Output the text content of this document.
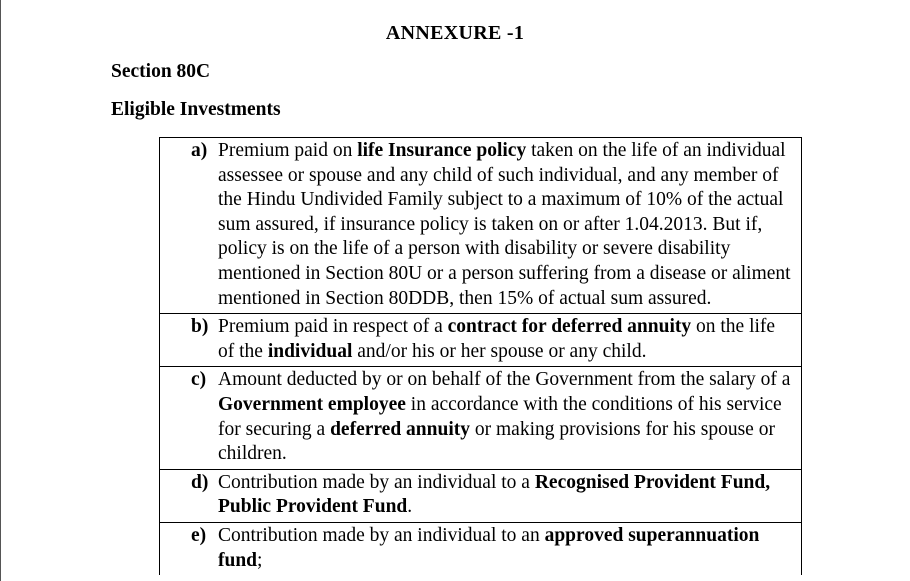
ANNEXURE -1
Section 80C
Eligible Investments
a) Premium paid on life Insurance policy taken on the life of an individual assessee or spouse and any child of such individual, and any member of the Hindu Undivided Family subject to a maximum of 10% of the actual sum assured, if insurance policy is taken on or after 1.04.2013. But if, policy is on the life of a person with disability or severe disability mentioned in Section 80U or a person suffering from a disease or aliment mentioned in Section 80DDB, then 15% of actual sum assured.
b) Premium paid in respect of a contract for deferred annuity on the life of the individual and/or his or her spouse or any child.
c) Amount deducted by or on behalf of the Government from the salary of a Government employee in accordance with the conditions of his service for securing a deferred annuity or making provisions for his spouse or children.
d) Contribution made by an individual to a Recognised Provident Fund, Public Provident Fund.
e) Contribution made by an individual to an approved superannuation fund;
